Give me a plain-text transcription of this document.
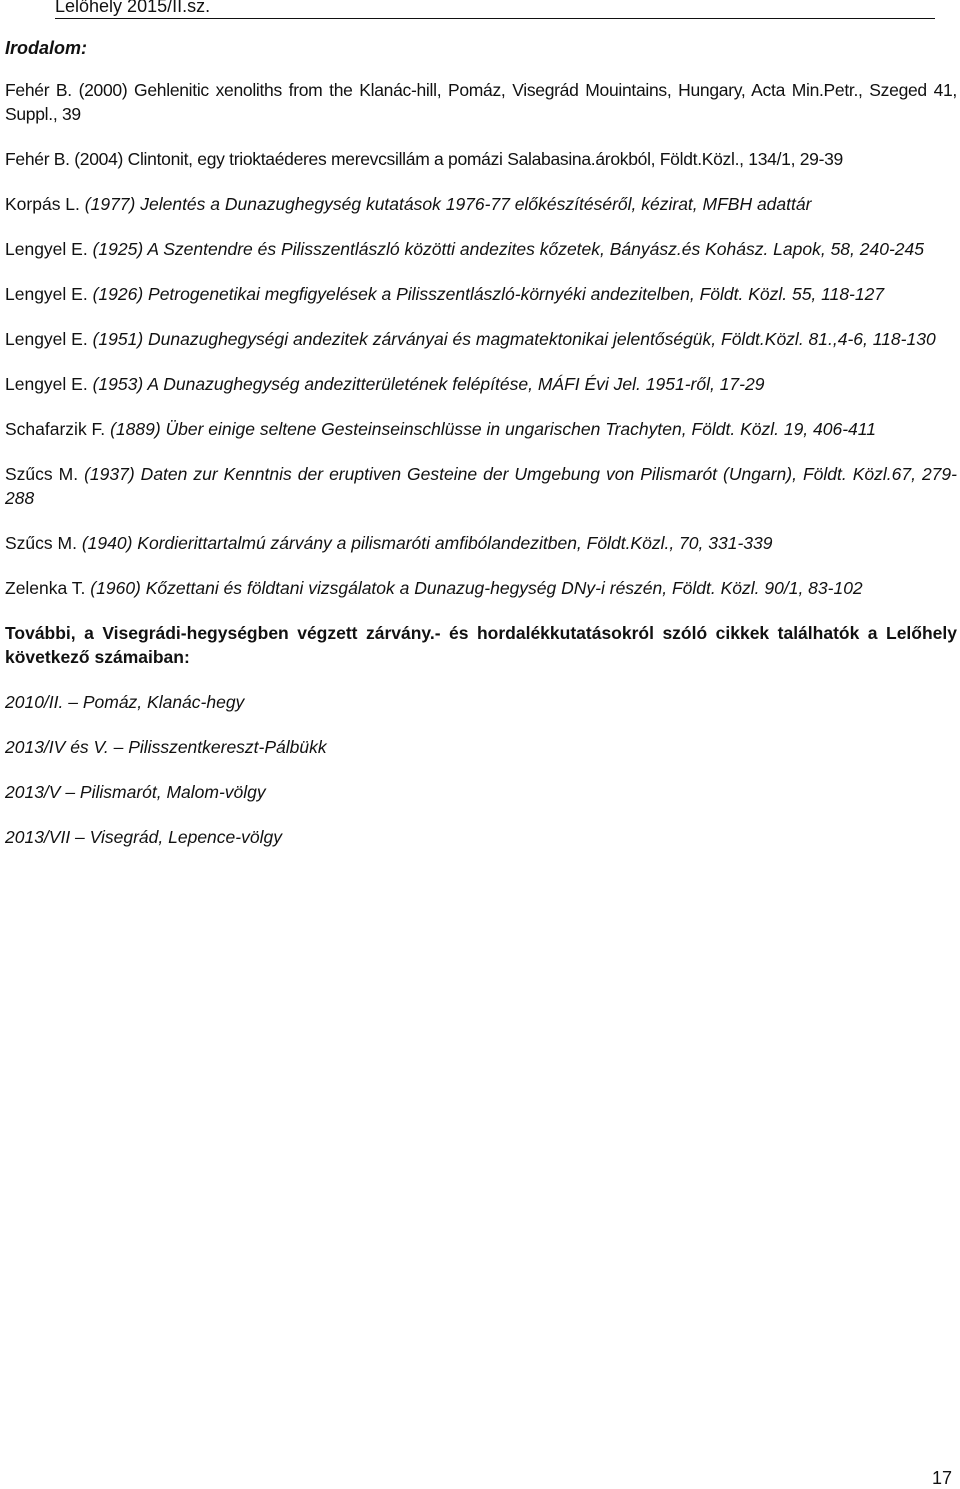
Lelőhely 2015/II.sz.
Irodalom:

Fehér B. (2000) Gehlenitic xenoliths from the Klanác-hill, Pomáz, Visegrád Mouintains, Hungary, Acta Min.Petr., Szeged 41, Suppl., 39

Fehér B. (2004) Clintonit, egy trioktaéderes merevcsillám a pomázi Salabasina.árokból, Földt.Közl., 134/1, 29-39

Korpás L. (1977) Jelentés a Dunazughegység kutatások 1976-77 előkészítéséről, kézirat, MFBH adattár

Lengyel E. (1925) A Szentendre és Pilisszentlászló közötti andezites kőzetek, Bányász.és Kohász. Lapok, 58, 240-245

Lengyel E. (1926) Petrogenetikai megfigyelések a Pilisszentlászló-környéki andezitelben, Földt. Közl. 55, 118-127

Lengyel E. (1951) Dunazughegységi andezitek zárványai és magmatektonikai jelentőségük, Földt.Közl. 81.,4-6, 118-130

Lengyel E. (1953) A Dunazughegység andezitterületének felépítése, MÁFI Évi Jel. 1951-ről, 17-29

Schafarzik F. (1889) Über einige seltene Gesteinseinschlüsse in ungarischen Trachyten, Földt. Közl. 19, 406-411

Szűcs M. (1937) Daten zur Kenntnis der eruptiven Gesteine der Umgebung von Pilismarót (Ungarn), Földt. Közl.67, 279-288

Szűcs M. (1940) Kordierittartalmú zárvány a pilismaróti amfibólandezitben, Földt.Közl., 70, 331-339

Zelenka T. (1960) Kőzettani és földtani vizsgálatok a Dunazug-hegység DNy-i részén, Földt. Közl. 90/1, 83-102

További, a Visegrádi-hegységben végzett zárvány.- és hordalékkutatásokról szóló cikkek találhatók a Lelőhely következő számaiban:

2010/II. – Pomáz, Klanác-hegy

2013/IV és V. – Pilisszentkereszt-Pálbükk

2013/V – Pilismarót, Malom-völgy

2013/VII – Visegrád, Lepence-völgy

17
